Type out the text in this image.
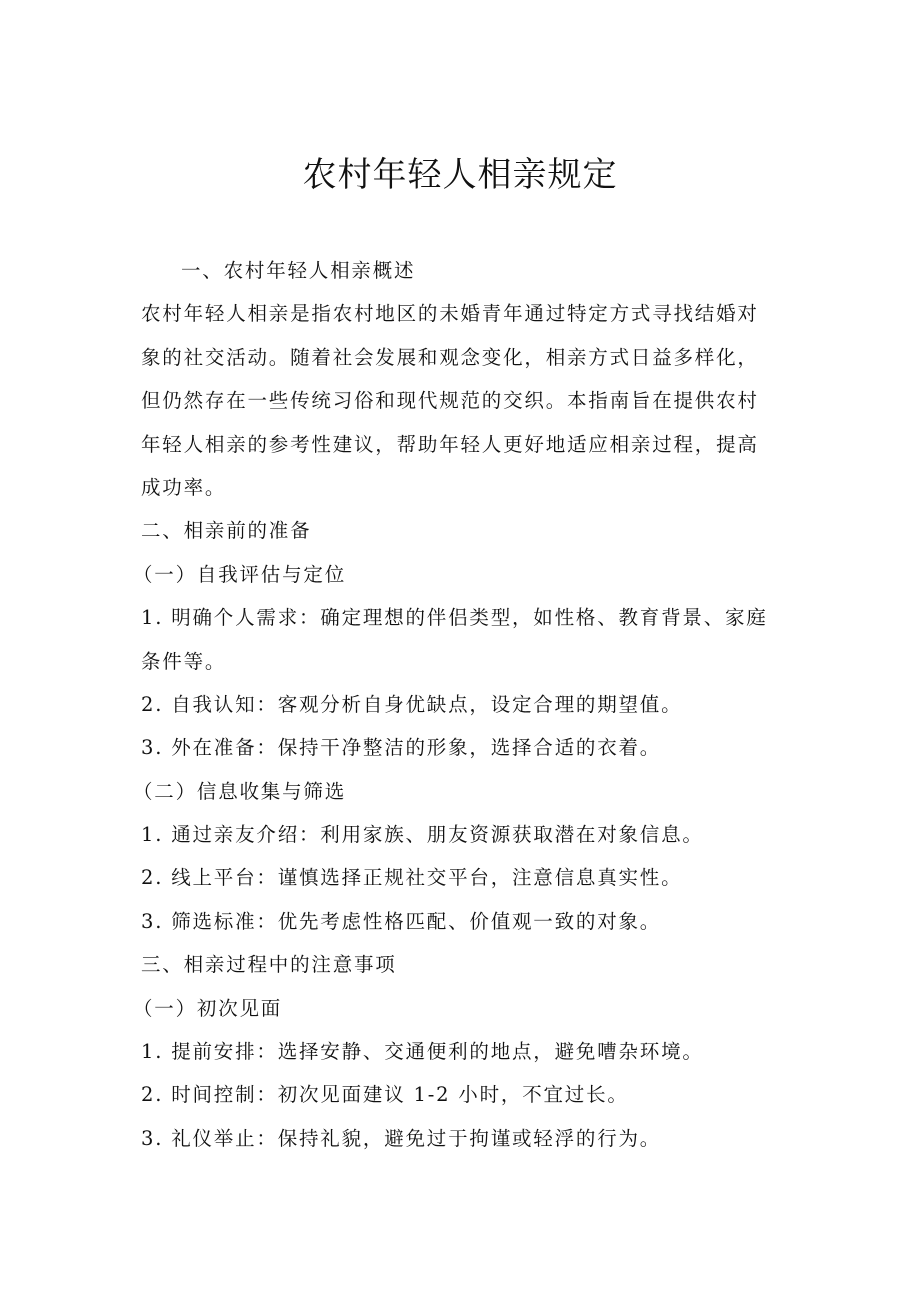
农村年轻人相亲规定

一、农村年轻人相亲概述

农村年轻人相亲是指农村地区的未婚青年通过特定方式寻找结婚对

象的社交活动。随着社会发展和观念变化，相亲方式日益多样化，

但仍然存在一些传统习俗和现代规范的交织。本指南旨在提供农村

年轻人相亲的参考性建议，帮助年轻人更好地适应相亲过程，提高

成功率。

二、相亲前的准备

（一）自我评估与定位

1. 明确个人需求：确定理想的伴侣类型，如性格、教育背景、家庭

条件等。

2. 自我认知：客观分析自身优缺点，设定合理的期望值。

3. 外在准备：保持干净整洁的形象，选择合适的衣着。

（二）信息收集与筛选

1. 通过亲友介绍：利用家族、朋友资源获取潜在对象信息。

2. 线上平台：谨慎选择正规社交平台，注意信息真实性。

3. 筛选标准：优先考虑性格匹配、价值观一致的对象。

三、相亲过程中的注意事项

（一）初次见面

1. 提前安排：选择安静、交通便利的地点，避免嘈杂环境。

2. 时间控制：初次见面建议 1-2 小时，不宜过长。

3. 礼仪举止：保持礼貌，避免过于拘谨或轻浮的行为。
